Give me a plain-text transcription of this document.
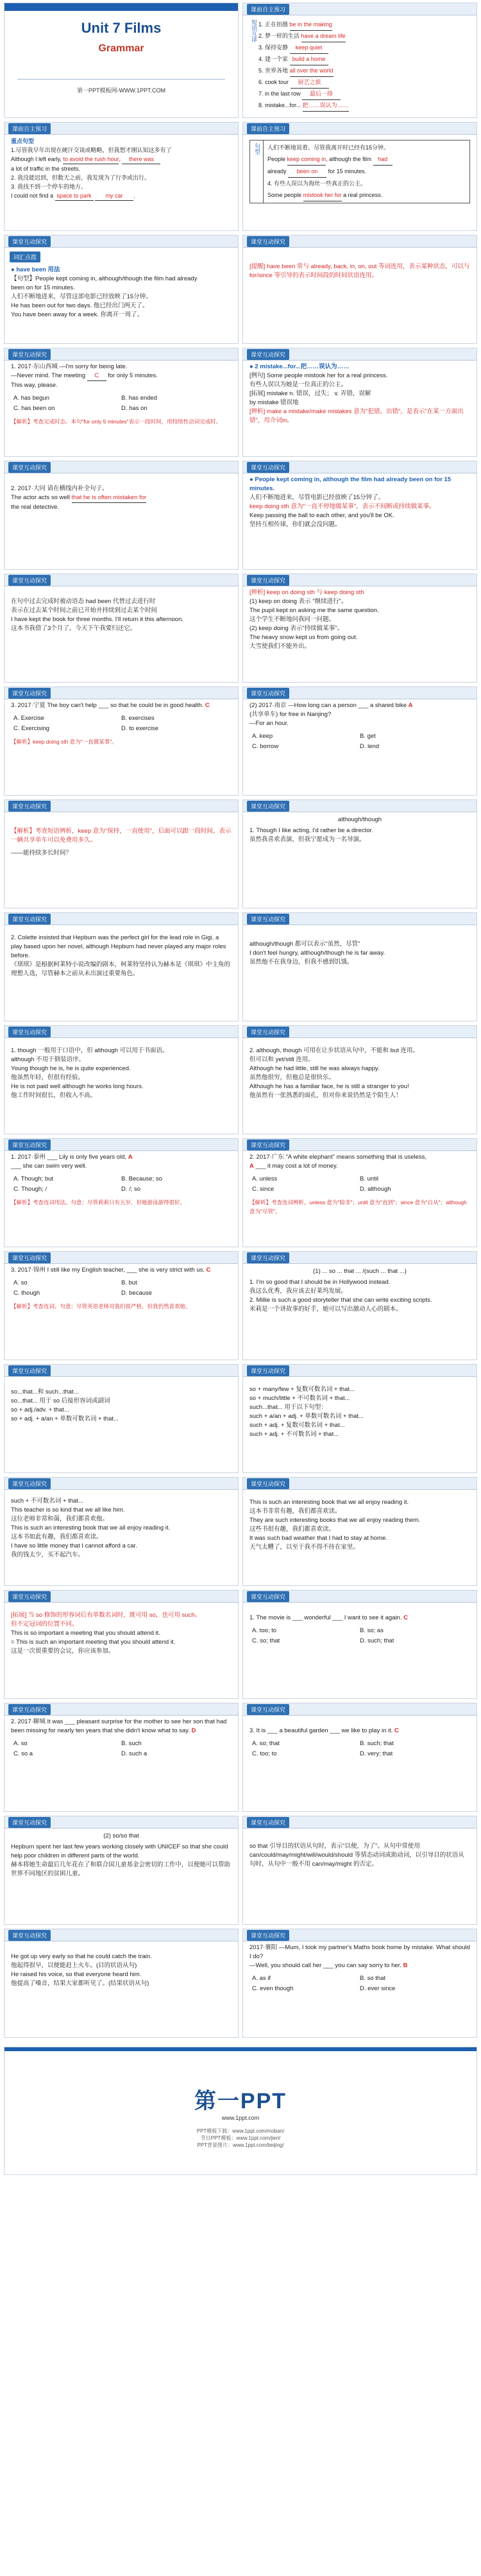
Unit 7 Films
Grammar
第一PPT模板网-WWW.1PPT.COM
课前自主预习
短语互译 1. 正在拍摄 be in the making
2. 梦一样的生活 have a dream life
3. 保持安静 keep quiet
4. 建一个家 build a home
5. 世界各地 all over the world
6. cook tour 厨艺之旅
7. in the last row 最后一排
8. mistake...for... 把……误认为……
课前自主预习
重点句型
1.尽管我早年出现在硬汗交谈或略略，但我想才刚认知这多有了
Although I left early, to avoid the rush hour, there was
a lot of traffic in the streets.
2. 我没能迟到，但数天之前，我发现为了行李或出行。
3. 我找不到一个停车的地方。
I could not find a space to park my car .
课前自主预习
句型	人们不断地说着。尽管我离开时已经有15分钟。
People keep coming in, although the film had
already been on for 15 minutes.
4. 有些人误以为海丝一些真正的公主。
Some people mistook her for a real princess.
课堂互动探究
词汇点拨
● have been 用法
【句型】People kept coming in, although/though the film had already
been on for 15 minutes.
人们不断地进来，尽管这部电影已经放映了15分钟。
He has been out for two days. 他已经出门两天了。
You have been away for a week. 你离开一周了。
课堂互动探究
[提醒] have been 常与 already, back, in, on, out 等词连用，表示某种状态，可以与 for/since 等引导的表示时间段的时间状语连用。
课堂互动探究
1. 2017·东山西城 —I'm sorry for being late.
—Never mind. The meeting C for only 5 minutes.
This way, please.
A. has begun	B. has ended
C. has been on	D. has on
【解析】考查完成时态。本句"for only 5 minutes"表示一段时间，用持续性动词完成时。
课堂互动探究
● 2 mistake...for...把……误认为……
[例句] Some people mistook her for a real princess.
有些人误以为她是一位真正的公主。
[拓展] mistake n. 错误，过失； v. 弄错，误解
by mistake 错误地
[辨析] make a mistake/make mistakes 意为"犯错，出错"，是表示"在某一方面出错"，用介词in。
课堂互动探究
2. 2017·大同 请在横线内补全句子。
The actor acts so well that he is often mistaken for
the real detective.
课堂互动探究
● People kept coming in, although the film had already been on for 15 minutes.
人们不断地进来，尽管电影已经放映了15分钟了。
keep doing sth 意为"一直不停地做某事"，表示不间断或持续做某事。
Keep passing the ball to each other, and you'll be OK.
坚持互相传球，你们就会没问题。
课堂互动探究
在句中过去完成时被动语态 had been 代替过去进行时
表示在过去某个时间之前已开始并持续到过去某个时间
I have kept the book for three months. I'll return it this afternoon.
这本书我借了3个月了，今天下午我要归还它。
课堂互动探究
[辨析] keep on doing sth 与 keep doing sth
(1) keep on doing 表示 "继续进行"。
The pupil kept on asking me the same question.
这个学生不断地问我同一问题。
(2) keep doing 表示"持续做某事"。
The heavy snow kept us from going out.
大雪使我们不能外出。
课堂互动探究
3. 2017·宁夏 The boy can't help ___ so that he could be in good health. C
A. Exercise	B. exercises
C. Exercising	D. to exercise
【解析】keep doing sth 意为"一直做某事"。
课堂互动探究
(2) 2017·南京 —How long can a person ___ a shared bike A
(共享单车) for free in Nanjing?
—For an hour.
A. keep	B. get
C. borrow	D. lend
课堂互动探究
【解析】考查短语辨析，keep 意为"保持，一直使用"，后面可以跟一段时间，表示一辆共享单车可以免费用多久。
——能持续多长时间？
课堂互动探究
although/though
1. Though I like acting, I'd rather be a director.
虽然我喜欢表演，但我宁愿成为一名导演。
课堂互动探究
2. Colette insisted that Hepburn was the perfect girl for the lead role in Gigi, a play based upon her novel, although Hepburn had never played any major roles before.
《琪琪》是根据柯莱特小说改编的剧本，柯莱特坚持认为赫本是《琪琪》中主角的理想人选，尽管赫本之前从未出演过重要角色。
课堂互动探究
although/though 都可以表示"虽然，尽管"
I don't feel hungry, although/though he is far away.
虽然他不在我身边，但我不感到饥饿。
课堂互动探究
1. though 一般用于口语中，但 although 可以用于书面语。
although 不用于倒装语序。
Young though he is, he is quite experienced.
他虽然年轻，但很有经验。
He is not paid well although he works long hours.
他工作时间很长，但收入不高。
课堂互动探究
2. although, though 可用在让步状语从句中，不能和 but 连用。
但可以和 yet/still 连用。
Although he had little, still he was always happy.
虽然他很穷，但他总是很快乐。
Although he has a familiar face, he is still a stranger to you!
他虽然有一张熟悉的面孔，但对你来说仍然是个陌生人！
课堂互动探究
1. 2017·泰州 ___ Lily is only five years old, A
___ she can swim very well.
A. Though; but	B. Because; so
C. Though; /	D. /; so
【解析】考查连词用法。句意：尽管莉莉只有五岁，但她游泳游得很好。
课堂互动探究
2. 2017·广东 "A white elephant" means something that is useless,
A ___ it may cost a lot of money.
A. unless	B. until
C. since	D. although
【解析】考查连词辨析。unless 意为"除非"；until 意为"直到"；since 意为"自从"；although 意为"尽管"。
课堂互动探究
3. 2017·锦州 I still like my English teacher, ___ she is very strict with us. C
A. so	B. but
C. though	D. because
【解析】考查连词。句意：尽管英语老师对我们很严格，但我仍然喜欢她。
课堂互动探究
(1) ... so ... that ... /(such ... that ...)
1. I'm so good that I should be in Hollywood instead.
我这么优秀，我应该去好莱坞发展。
2. Millie is such a good storyteller that she can write exciting scripts.
米莉是一个讲故事的好手，她可以写出激动人心的剧本。
课堂互动探究
so...that...和 such...that...
so...that... 用于 so 后接形容词或副词
so + adj./adv. + that...
so + adj. + a/an + 单数可数名词 + that...
课堂互动探究
so + many/few + 复数可数名词 + that...
so + much/little + 不可数名词 + that...
such...that... 用于以下句型：
such + a/an + adj. + 单数可数名词 + that...
such + adj. + 复数可数名词 + that...
such + adj. + 不可数名词 + that...
课堂互动探究
such + 不可数名词 + that...
This teacher is so kind that we all like him.
这位老师非常和蔼，我们都喜欢他。
This is such an interesting book that we all enjoy reading it.
这本书如此有趣，我们都喜欢读。
I have so little money that I cannot afford a car.
我的钱太少，买不起汽车。
课堂互动探究
This is such an interesting book that we all enjoy reading it.
这本书非常有趣，我们都喜欢读。
They are such interesting books that we all enjoy reading them.
这些书很有趣，我们都喜欢读。
It was such bad weather that I had to stay at home.
天气太糟了，以至于我不得不待在家里。
课堂互动探究
[拓展] 当 so 修饰的形容词后有单数名词时，既可用 so，也可用 such。
但不定冠词的位置不同。
This is so important a meeting that you should attend it.
= This is such an important meeting that you should attend it.
这是一次很重要的会议，你应该参加。
课堂互动探究
1. The movie is ___ wonderful ___ I want to see it again. C
A. too; to	B. so; as
C. so; that	D. such; that
课堂互动探究
2. 2017·聊城 It was ___ pleasant surprise for the mother to see her son that had been missing for nearly ten years that she didn't know what to say. D
A. so	B. such
C. so a	D. such a
课堂互动探究
3. It is ___ a beautiful garden ___ we like to play in it. C
A. so; that	B. such; that
C. too; to	D. very; that
课堂互动探究
(2) so/so that
Hepburn spent her last few years working closely with UNICEF so that she could help poor children in different parts of the world.
赫本将她生命最后几年花在了和联合国儿童基金会密切的工作中，以便她可以帮助世界不同地区的贫困儿童。
课堂互动探究
so that 引导目的状语从句时，表示"以便，为了"。从句中常使用 can/could/may/might/will/would/should 等情态动词或助动词，以引导目的状语从句时，从句中一般不用 can/may/might 的否定。
课堂互动探究
He got up very early so that he could catch the train.
他起得很早，以便能赶上火车。(目的状语从句)
He raised his voice, so that everyone heard him.
他提高了嗓音，结果大家都听见了。(结果状语从句)
课堂互动探究
2017·襄阳 —Mum, I took my partner's Maths book home by mistake. What should I do?
—Well, you should call her ___ you can say sorry to her. B
A. as if	B. so that
C. even though	D. ever since
第一PPT
www.1ppt.com
PPT模板下载：www.1ppt.com/moban/
节日PPT模板：www.1ppt.com/jieri/
PPT背景图片：www.1ppt.com/beijing/
